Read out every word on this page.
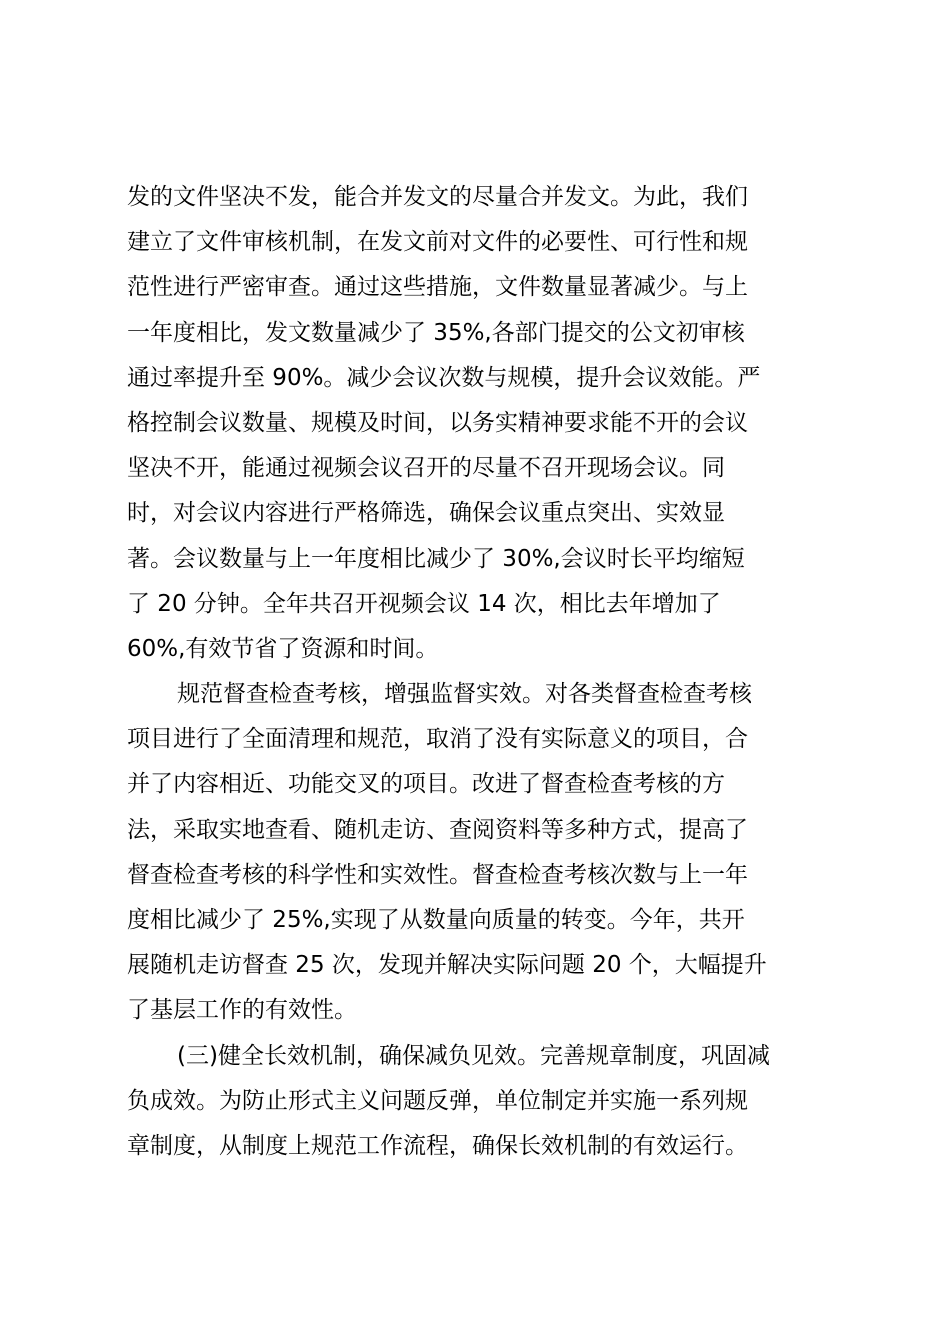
发的文件坚决不发，能合并发文的尽量合并发文。为此，我们
建立了文件审核机制，在发文前对文件的必要性、可行性和规
范性进行严密审查。通过这些措施，文件数量显著减少。与上
一年度相比，发文数量减少了 35%,各部门提交的公文初审核
通过率提升至 90%。减少会议次数与规模，提升会议效能。严
格控制会议数量、规模及时间，以务实精神要求能不开的会议
坚决不开，能通过视频会议召开的尽量不召开现场会议。同
时，对会议内容进行严格筛选，确保会议重点突出、实效显
著。会议数量与上一年度相比减少了 30%,会议时长平均缩短
了 20 分钟。全年共召开视频会议 14 次，相比去年增加了
60%,有效节省了资源和时间。
规范督查检查考核，增强监督实效。对各类督查检查考核
项目进行了全面清理和规范，取消了没有实际意义的项目，合
并了内容相近、功能交叉的项目。改进了督查检查考核的方
法，采取实地查看、随机走访、查阅资料等多种方式，提高了
督查检查考核的科学性和实效性。督查检查考核次数与上一年
度相比减少了 25%,实现了从数量向质量的转变。今年，共开
展随机走访督查 25 次，发现并解决实际问题 20 个，大幅提升
了基层工作的有效性。
(三)健全长效机制，确保减负见效。完善规章制度，巩固减
负成效。为防止形式主义问题反弹，单位制定并实施一系列规
章制度，从制度上规范工作流程，确保长效机制的有效运行。
